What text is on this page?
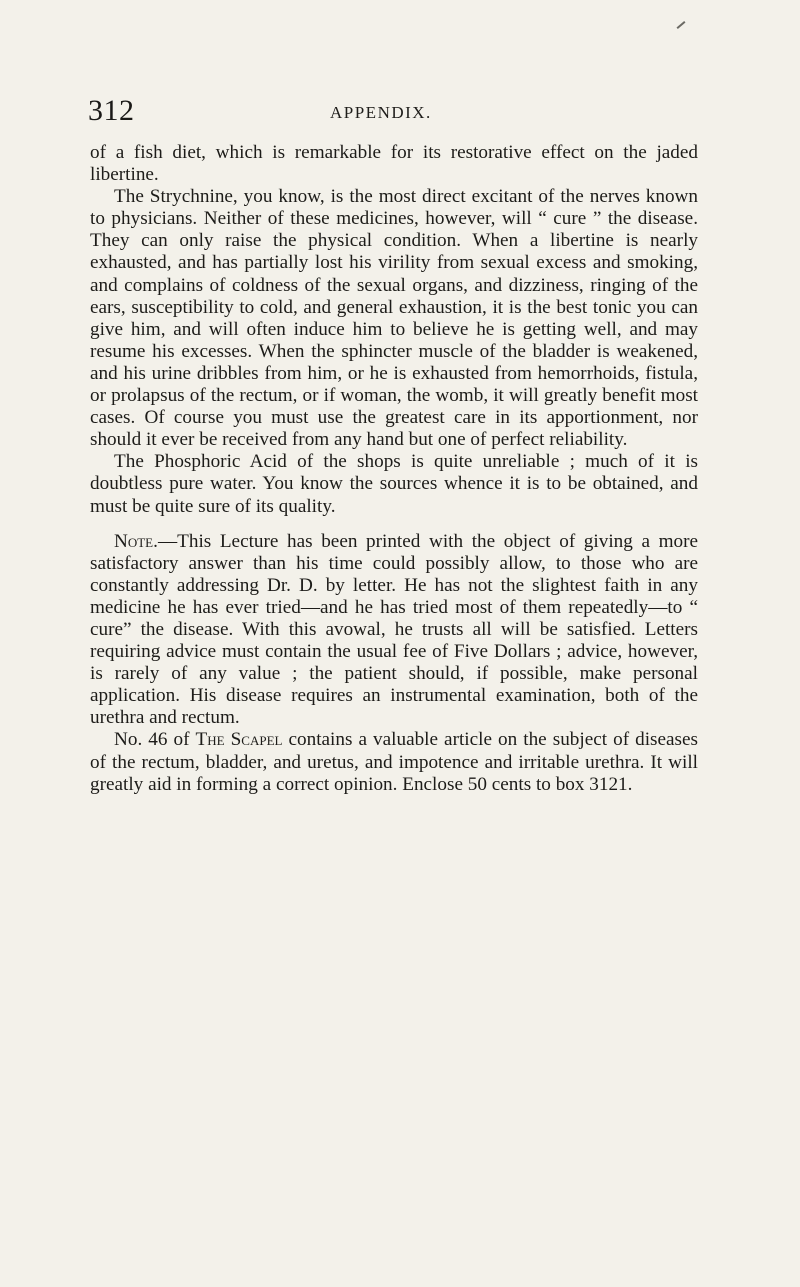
312	APPENDIX.

of a fish diet, which is remarkable for its restorative effect on the jaded libertine.

The Strychnine, you know, is the most direct excitant of the nerves known to physicians. Neither of these medicines, however, will “ cure ” the disease. They can only raise the physical condition. When a libertine is nearly exhausted, and has partially lost his virility from sexual excess and smoking, and complains of coldness of the sexual organs, and dizziness, ringing of the ears, susceptibility to cold, and general exhaustion, it is the best tonic you can give him, and will often induce him to believe he is getting well, and may resume his excesses. When the sphincter muscle of the bladder is weakened, and his urine dribbles from him, or he is exhausted from hemorrhoids, fistula, or prolapsus of the rectum, or if woman, the womb, it will greatly benefit most cases. Of course you must use the greatest care in its apportionment, nor should it ever be received from any hand but one of perfect reliability.

The Phosphoric Acid of the shops is quite unreliable ; much of it is doubtless pure water. You know the sources whence it is to be obtained, and must be quite sure of its quality.

Note.—This Lecture has been printed with the object of giving a more satisfactory answer than his time could possibly allow, to those who are constantly addressing Dr. D. by letter. He has not the slightest faith in any medicine he has ever tried—and he has tried most of them repeatedly—to “ cure” the disease. With this avowal, he trusts all will be satisfied. Letters requiring advice must contain the usual fee of Five Dollars ; advice, however, is rarely of any value ; the patient should, if possible, make personal application. His disease requires an instrumental examination, both of the urethra and rectum.

No. 46 of The Scapel contains a valuable article on the subject of diseases of the rectum, bladder, and uretus, and impotence and irritable urethra. It will greatly aid in forming a correct opinion. Enclose 50 cents to box 3121.
